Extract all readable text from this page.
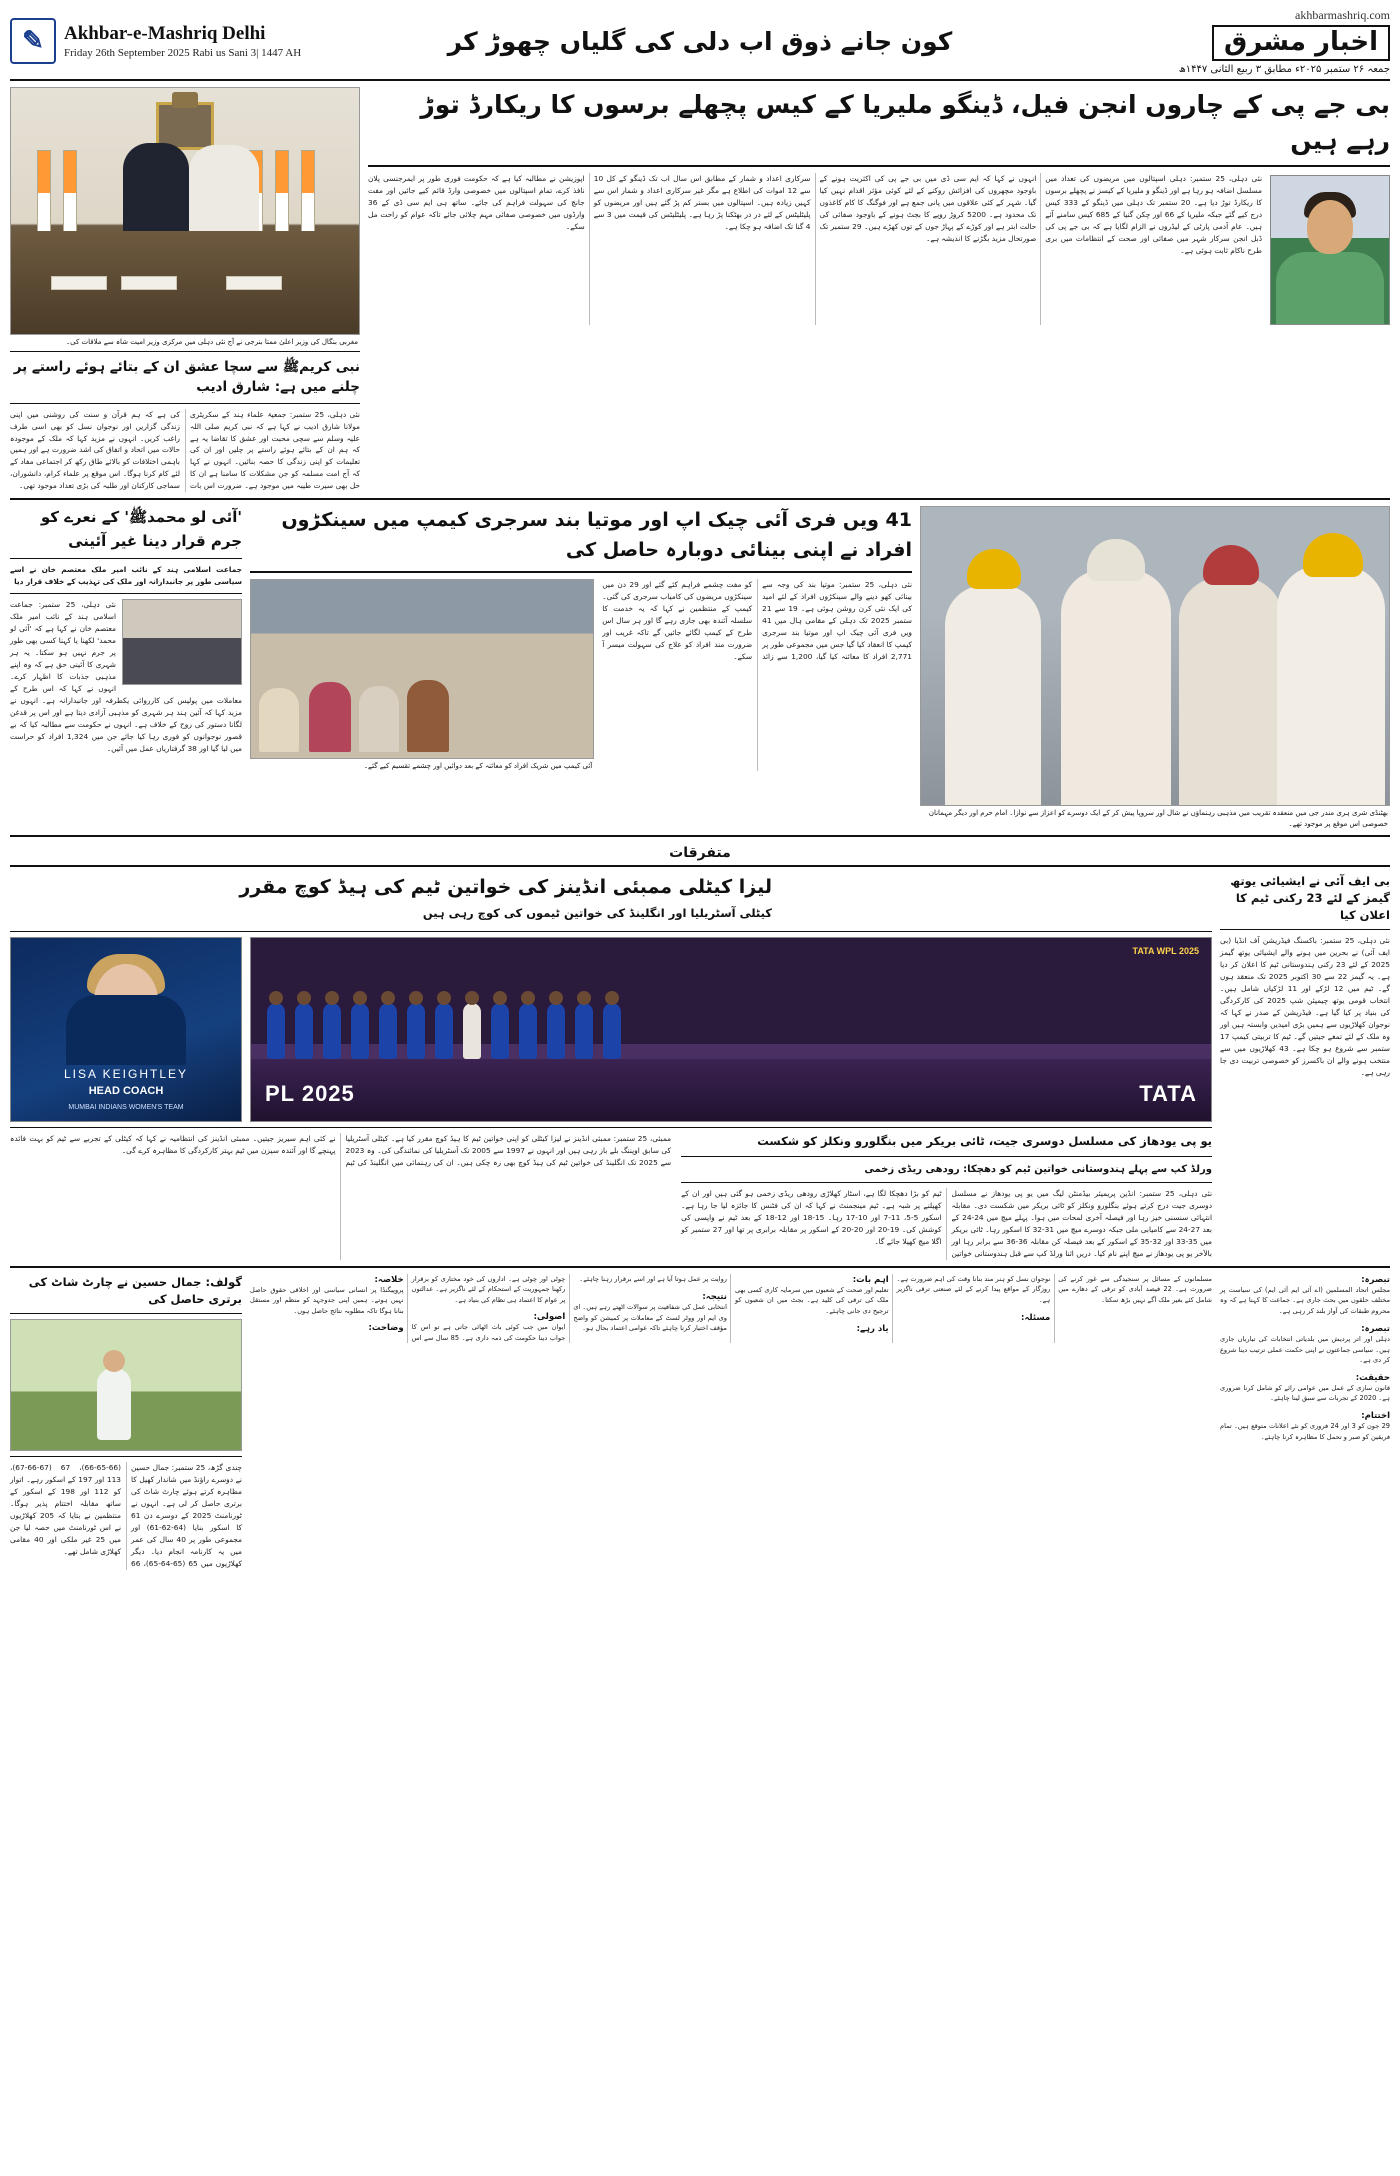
✎	Akhbar-e-Mashriq Delhi
Friday 26th September 2025 Rabi us Sani 3| 1447 AH	کون جانے ذوق اب دلی کی گلیاں چھوڑ کر
akhbarmashriq.com
اخبار مشرق
جمعہ ۲۶ ستمبر ۲۰۲۵ء مطابق ۳ ربیع الثانی ۱۴۴۷ھ
مغربی بنگال کی وزیر اعلیٰ ممتا بنرجی نے آج نئی دہلی میں مرکزی وزیر امیت شاہ سے ملاقات کی۔
نبی کریمﷺ سے سچا عشق ان کے بتائے ہوئے راستے پر چلنے میں ہے: شارق ادیب
نئی دہلی، 25 ستمبر: جمعیۃ علماء ہند کے سکریٹری مولانا شارق ادیب نے کہا ہے کہ نبی کریم صلی اللہ علیہ وسلم سے سچی محبت اور عشق کا تقاضا یہ ہے کہ ہم ان کے بتائے ہوئے راستے پر چلیں اور ان کی تعلیمات کو اپنی زندگی کا حصہ بنائیں۔ انہوں نے کہا کہ آج امت مسلمہ کو جن مشکلات کا سامنا ہے ان کا حل بھی سیرت طیبہ میں موجود ہے۔ ضرورت اس بات کی ہے کہ ہم قرآن و سنت کی روشنی میں اپنی زندگی گزاریں اور نوجوان نسل کو بھی اسی طرف راغب کریں۔ انہوں نے مزید کہا کہ ملک کے موجودہ حالات میں اتحاد و اتفاق کی اشد ضرورت ہے اور ہمیں باہمی اختلافات کو بالائے طاق رکھ کر اجتماعی مفاد کے لئے کام کرنا ہوگا۔ اس موقع پر علماء کرام، دانشوران، سماجی کارکنان اور طلبہ کی بڑی تعداد موجود تھی۔
بی جے پی کے چاروں انجن فیل، ڈینگو ملیریا کے کیس پچھلے برسوں کا ریکارڈ توڑ رہے ہیں

نئی دہلی، 25 ستمبر: دہلی اسپتالوں میں مریضوں کی تعداد میں مسلسل اضافہ ہو رہا ہے اور ڈینگو و ملیریا کے کیسز نے پچھلے برسوں کا ریکارڈ توڑ دیا ہے۔ 20 ستمبر تک دہلی میں ڈینگو کے 333 کیس درج کیے گئے جبکہ ملیریا کے 66 اور چکن گنیا کے 685 کیس سامنے آئے ہیں۔ عام آدمی پارٹی کے لیڈروں نے الزام لگایا ہے کہ بی جے پی کی ڈبل انجن سرکار شہر میں صفائی اور صحت کے انتظامات میں بری طرح ناکام ثابت ہوئی ہے۔

انہوں نے کہا کہ ایم سی ڈی میں بی جے پی کی اکثریت ہونے کے باوجود مچھروں کی افزائش روکنے کے لئے کوئی مؤثر اقدام نہیں کیا گیا۔ شہر کے کئی علاقوں میں پانی جمع ہے اور فوگنگ کا کام کاغذوں تک محدود ہے۔ 5200 کروڑ روپے کا بجٹ ہونے کے باوجود صفائی کی حالت ابتر ہے اور کوڑے کے پہاڑ جوں کے توں کھڑے ہیں۔ 29 ستمبر تک صورتحال مزید بگڑنے کا اندیشہ ہے۔

سرکاری اعداد و شمار کے مطابق اس سال اب تک ڈینگو کے کل 10 سے 12 اموات کی اطلاع ہے مگر غیر سرکاری اعداد و شمار اس سے کہیں زیادہ ہیں۔ اسپتالوں میں بستر کم پڑ گئے ہیں اور مریضوں کو پلیٹلیٹس کے لئے در در بھٹکنا پڑ رہا ہے۔ پلیٹلیٹس کی قیمت میں 3 سے 4 گنا تک اضافہ ہو چکا ہے۔

اپوزیشن نے مطالبہ کیا ہے کہ حکومت فوری طور پر ایمرجنسی پلان نافذ کرے، تمام اسپتالوں میں خصوصی وارڈ قائم کیے جائیں اور مفت جانچ کی سہولت فراہم کی جائے۔ ساتھ ہی ایم سی ڈی کے 36 وارڈوں میں خصوصی صفائی مہم چلائی جائے تاکہ عوام کو راحت مل سکے۔

'آئی لو محمدﷺ' کے نعرے کو جرم قرار دینا غیر آئینی
جماعت اسلامی ہند کے نائب امیر ملک معتصم خان نے اسے سیاسی طور پر جانبدارانہ اور ملک کی تہذیب کے خلاف قرار دیا
نئی دہلی، 25 ستمبر: جماعت اسلامی ہند کے نائب امیر ملک معتصم خان نے کہا ہے کہ 'آئی لو محمد' لکھنا یا کہنا کسی بھی طور پر جرم نہیں ہو سکتا۔ یہ ہر شہری کا آئینی حق ہے کہ وہ اپنے مذہبی جذبات کا اظہار کرے۔ انہوں نے کہا کہ اس طرح کے معاملات میں پولیس کی کارروائی یکطرفہ اور جانبدارانہ ہے۔ انہوں نے مزید کہا کہ آئین ہند ہر شہری کو مذہبی آزادی دیتا ہے اور اس پر قدغن لگانا دستور کی روح کے خلاف ہے۔ انہوں نے حکومت سے مطالبہ کیا کہ بے قصور نوجوانوں کو فوری رہا کیا جائے جن میں 1,324 افراد کو حراست میں لیا گیا اور 38 گرفتاریاں عمل میں آئیں۔
41 ویں فری آئی چیک اپ اور موتیا بند سرجری کیمپ میں سینکڑوں افراد نے اپنی بینائی دوبارہ حاصل کی
آئی کیمپ میں شریک افراد کو معائنہ کے بعد دوائیں اور چشمے تقسیم کیے گئے۔
نئی دہلی، 25 ستمبر: موتیا بند کی وجہ سے بینائی کھو دینے والے سینکڑوں افراد کے لئے امید کی ایک نئی کرن روشن ہوئی ہے۔ 19 سے 21 ستمبر 2025 تک دہلی کے مقامی ہال میں 41 ویں فری آئی چیک اپ اور موتیا بند سرجری کیمپ کا انعقاد کیا گیا جس میں مجموعی طور پر 2,771 افراد کا معائنہ کیا گیا، 1,200 سے زائد کو مفت چشمے فراہم کئے گئے اور 29 دن میں سینکڑوں مریضوں کی کامیاب سرجری کی گئی۔ کیمپ کے منتظمین نے کہا کہ یہ خدمت کا سلسلہ آئندہ بھی جاری رہے گا اور ہر سال اس طرح کے کیمپ لگائے جائیں گے تاکہ غریب اور ضرورت مند افراد کو علاج کی سہولت میسر آ سکے۔
بھٹنڈی شری ہری مندر جی میں منعقدہ تقریب میں مذہبی رہنماؤں نے شال اور سروپا پیش کر کے ایک دوسرے کو اعزاز سے نوازا۔ امام حرم اور دیگر مہمانان خصوصی اس موقع پر موجود تھے۔
متفرقات
لیزا کیٹلی ممبئی انڈینز کی خواتین ٹیم کی ہیڈ کوچ مقرر
کیٹلی آسٹریلیا اور انگلینڈ کی خواتین ٹیموں کی کوچ رہی ہیں
LISA KEIGHTLEY
HEAD COACH
MUMBAI INDIANS WOMEN'S TEAM
TATA WPL 2025
PL 2025	TATA
ممبئی، 25 ستمبر: ممبئی انڈینز نے لیزا کیٹلی کو اپنی خواتین ٹیم کا ہیڈ کوچ مقرر کیا ہے۔ کیٹلی آسٹریلیا کی سابق اوپننگ بلے باز رہی ہیں اور انہوں نے 1997 سے 2005 تک آسٹریلیا کی نمائندگی کی۔ وہ 2023 سے 2025 تک انگلینڈ کی خواتین ٹیم کی ہیڈ کوچ بھی رہ چکی ہیں۔ ان کی رہنمائی میں انگلینڈ کی ٹیم نے کئی اہم سیریز جیتیں۔ ممبئی انڈینز کی انتظامیہ نے کہا کہ کیٹلی کے تجربے سے ٹیم کو بہت فائدہ پہنچے گا اور آئندہ سیزن میں ٹیم بہتر کارکردگی کا مظاہرہ کرے گی۔
یو پی یودھاز کی مسلسل دوسری جیت، ٹائی بریکر میں بنگلورو ونکلز کو شکست
ورلڈ کپ سے پہلے ہندوستانی خواتین ٹیم کو دھچکا: رودھی ریڈی زخمی
نئی دہلی، 25 ستمبر: انڈین پریمیئر بیڈمنٹن لیگ میں یو پی یودھاز نے مسلسل دوسری جیت درج کرتے ہوئے بنگلورو ونکلز کو ٹائی بریکر میں شکست دی۔ مقابلہ انتہائی سنسنی خیز رہا اور فیصلہ آخری لمحات میں ہوا۔ پہلے میچ میں 24-24 کے بعد 27-24 سے کامیابی ملی جبکہ دوسرے میچ میں 31-32 کا اسکور رہا۔ ٹائی بریکر میں 35-33 اور 32-35 کے اسکور کے بعد فیصلہ کن مقابلہ 36-36 سے برابر رہا اور بالآخر یو پی یودھاز نے میچ اپنے نام کیا۔ دریں اثنا ورلڈ کپ سے قبل ہندوستانی خواتین ٹیم کو بڑا دھچکا لگا ہے، اسٹار کھلاڑی رودھی ریڈی زخمی ہو گئی ہیں اور ان کے کھیلنے پر شبہ ہے۔ ٹیم مینجمنٹ نے کہا کہ ان کی فٹنس کا جائزہ لیا جا رہا ہے۔ اسکور 5-5، 11-7 اور 10-17 رہا۔ 15-18 اور 12-18 کے بعد ٹیم نے واپسی کی کوشش کی۔ 19-20 اور 20-20 کے اسکور پر مقابلہ برابری پر تھا اور 27 ستمبر کو اگلا میچ کھیلا جائے گا۔
بی ایف آئی نے ایشیائی یوتھ گیمز کے لئے 23 رکنی ٹیم کا اعلان کیا
نئی دہلی، 25 ستمبر: باکسنگ فیڈریشن آف انڈیا (بی ایف آئی) نے بحرین میں ہونے والے ایشیائی یوتھ گیمز 2025 کے لئے 23 رکنی ہندوستانی ٹیم کا اعلان کر دیا ہے۔ یہ گیمز 22 سے 30 اکتوبر 2025 تک منعقد ہوں گے۔ ٹیم میں 12 لڑکے اور 11 لڑکیاں شامل ہیں۔ انتخاب قومی یوتھ چیمپئن شپ 2025 کی کارکردگی کی بنیاد پر کیا گیا ہے۔ فیڈریشن کے صدر نے کہا کہ نوجوان کھلاڑیوں سے ہمیں بڑی امیدیں وابستہ ہیں اور وہ ملک کے لئے تمغے جیتیں گے۔ ٹیم کا تربیتی کیمپ 17 ستمبر سے شروع ہو چکا ہے۔ 43 کھلاڑیوں میں سے منتخب ہونے والے ان باکسرز کو خصوصی تربیت دی جا رہی ہے۔
گولف: جمال حسین نے چارٹ شاٹ کی برتری حاصل کی
چندی گڑھ، 25 ستمبر: جمال حسین نے دوسرے راؤنڈ میں شاندار کھیل کا مظاہرہ کرتے ہوئے چارٹ شاٹ کی برتری حاصل کر لی ہے۔ انہوں نے ٹورنامنٹ 2025 کے دوسرے دن 61 کا اسکور بنایا (64-62-61) اور مجموعی طور پر 40 سال کی عمر میں یہ کارنامہ انجام دیا۔ دیگر کھلاڑیوں میں 65 (65-64-65)، 66 (66-65-66)، 67 (67-66-67)، 113 اور 197 کے اسکور رہے۔ اتوار کو 112 اور 198 کے اسکور کے ساتھ مقابلہ اختتام پذیر ہوگا۔ منتظمین نے بتایا کہ 205 کھلاڑیوں نے اس ٹورنامنٹ میں حصہ لیا جن میں 25 غیر ملکی اور 40 مقامی کھلاڑی شامل تھے۔
خلاصہ:
پروپیگنڈا پر انسانی سیاسی اور اخلاقی حقوق حاصل نہیں ہوتے۔ ہمیں اپنی جدوجہد کو منظم اور مستقل بنانا ہوگا تاکہ مطلوبہ نتائج حاصل ہوں۔
وضاحت:
چوٹی اور چوٹی ہے۔ اداروں کی خود مختاری کو برقرار رکھنا جمہوریت کے استحکام کے لئے ناگزیر ہے۔ عدالتوں پر عوام کا اعتماد ہی نظام کی بنیاد ہے۔
اصولی:
ایوان میں جب کوئی بات اٹھائی جاتی ہے تو اس کا جواب دینا حکومت کی ذمہ داری ہے۔ 85 سال سے اس روایت پر عمل ہوتا آیا ہے اور اسے برقرار رہنا چاہئے۔
نتیجہ:
انتخابی عمل کی شفافیت پر سوالات اٹھتے رہے ہیں۔ ای وی ایم اور ووٹر لسٹ کے معاملات پر کمیشن کو واضح مؤقف اختیار کرنا چاہئے تاکہ عوامی اعتماد بحال ہو۔
اہم بات:
تعلیم اور صحت کے شعبوں میں سرمایہ کاری کسی بھی ملک کی ترقی کی کلید ہے۔ بجٹ میں ان شعبوں کو ترجیح دی جانی چاہئے۔
یاد رہے:
نوجوان نسل کو ہنر مند بنانا وقت کی اہم ضرورت ہے۔ روزگار کے مواقع پیدا کرنے کے لئے صنعتی ترقی ناگزیر ہے۔
مسئلہ:
مسلمانوں کے مسائل پر سنجیدگی سے غور کرنے کی ضرورت ہے۔ 22 فیصد آبادی کو ترقی کے دھارے میں شامل کئے بغیر ملک آگے نہیں بڑھ سکتا۔
تبصرہ:
مجلس اتحاد المسلمین (اے آئی ایم آئی ایم) کی سیاست پر مختلف حلقوں میں بحث جاری ہے۔ جماعت کا کہنا ہے کہ وہ محروم طبقات کی آواز بلند کر رہی ہے۔
تبصرہ:
دہلی اور اتر پردیش میں بلدیاتی انتخابات کی تیاریاں جاری ہیں۔ سیاسی جماعتوں نے اپنی حکمت عملی ترتیب دینا شروع کر دی ہے۔
حقیقت:
قانون سازی کے عمل میں عوامی رائے کو شامل کرنا ضروری ہے۔ 2020 کے تجربات سے سبق لینا چاہئے۔
اختتام:
29 جون کو 3 اور 24 فروری کو نئے اعلانات متوقع ہیں۔ تمام فریقین کو صبر و تحمل کا مظاہرہ کرنا چاہئے۔
